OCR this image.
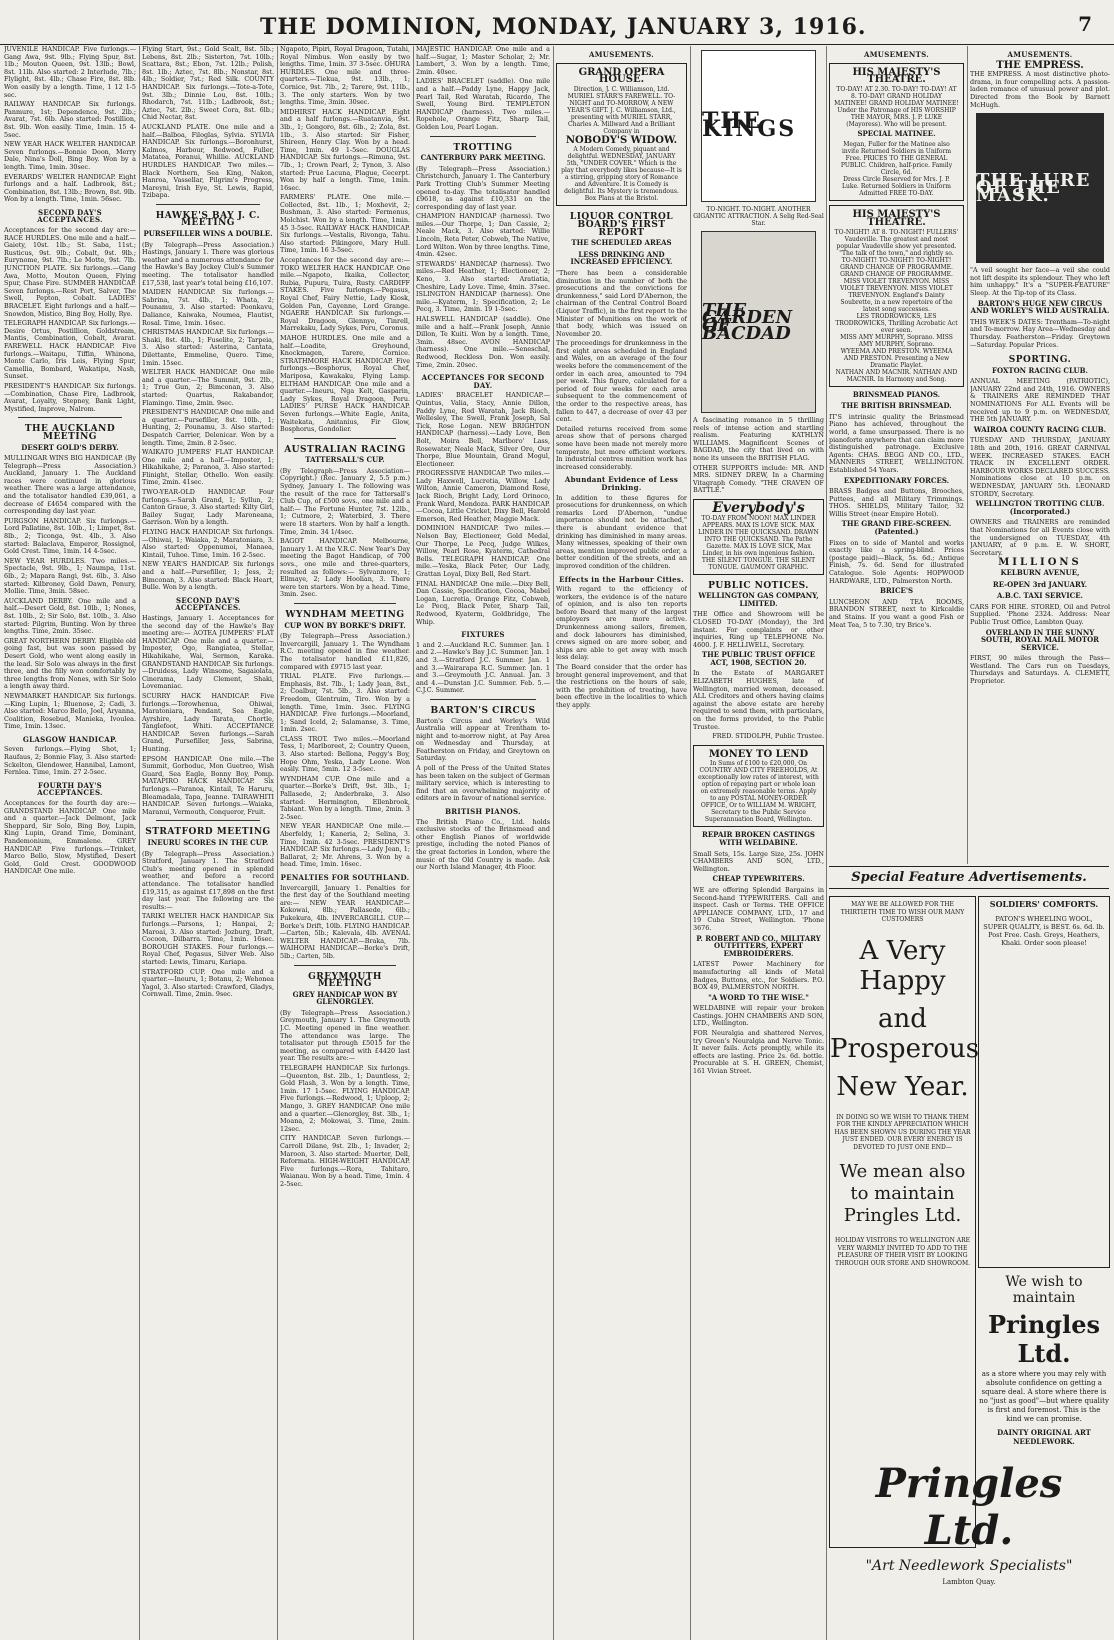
THE DOMINION, MONDAY, JANUARY 3, 1916.	7

JUVENILE HANDICAP. Five furlongs.—Gang Awa, 9st. 9lb.; Flying Spur, 8st. 1lb.; Mouton Queen, 9st. 13lb.; Bowl, 8st. 11lb. Also started: 2 Interlude, 7lb.; Flylight, 8st. 4lb.; Chase Fire, 8st. 8lb. Won easily by a length. Time, 1 12 1-5 sec.

RAILWAY HANDICAP. Six furlongs. Panmure, 1st; Dependence, 9st. 2lb.; Avarat, 7st. 6lb. Also started: Postillion, 8st. 9lb. Won easily. Time, 1min. 15 4-5sec.

NEW YEAR HACK WELTER HANDICAP. Seven furlongs.—Bonnie Doon, Merry Dale, Nina's Doll, Bing Boy. Won by a length. Time, 1min. 30sec.

EVERARDS' WELTER HANDICAP. Eight furlongs and a half. Ladbrook, 8st.; Combination, 8st. 13lb.; Brown, 8st. 9lb. Won by a length. Time, 1min. 56sec.

SECOND DAY'S ACCEPTANCES.

Acceptances for the second day are:— RACE HURDLES. One mile and a half.—Gaiety, 10st. 1lb.; St. Saba, 11st.; Rusticus, 9st. 9lb.; Cobalt, 9st. 9lb.; Eurynome, 9st. 7lb.; Le Motte, 9st. 7lb. JUNCTION PLATE. Six furlongs.—Gang Awa, Motto, Mouton Queen, Flying Spur, Chase Fire. SUMMER HANDICAP. Seven furlongs.—Rest Port, Salver, The Swell, Pepton, Cobalt. LADIES' BRACELET. Eight furlongs and a half.—Snowdon, Mistico, Bing Boy, Holly, Rye.

TELEGRAPH HANDICAP. Six furlongs.—Desire Ortus, Postillion, Goldstream, Mantis, Combination, Cobalt, Avarat. FAREWELL HACK HANDICAP. Five furlongs.—Waitapu, Tiffin, Whinona, Monte Carlo, Iris Leis, Flying Spur, Camellia, Bombard, Wakatipu, Nash, Sunset.

PRESIDENT'S HANDICAP. Six furlongs.—Combination, Chase Fire, Ladbrook, Avarat, Loyalty, Stepney, Bank Light, Mystified, Improve, Nalrom.

THE AUCKLAND MEETING
DESERT GOLD'S DERBY.

MULLINGAR WINS BIG HANDICAP. (By Telegraph—Press Association.) Auckland, January 1. The Auckland races were continued in glorious weather. There was a large attendance, and the totalisator handled £39,061, a decrease of £4654 compared with the corresponding day last year.

PURGSON HANDICAP. Six furlongs.—Lord Pallatine, 8st. 10lb., 1; Limpet, 8st. 8lb., 2; Ticonga, 9st. 4lb., 3. Also started: Balaclava, Emperor, Rossignol, Gold Crest. Time, 1min. 14 4-5sec.

NEW YEAR HURDLES. Two miles.—Spectacle, 9st. 9lb., 1; Naumpa, 11st. 6lb., 2; Mapara Rangi, 9st. 6lb., 3. Also started: Kilbroney, Gold Dawn, Penury, Mollie. Time, 3min. 58sec.

AUCKLAND DERBY. One mile and a half.—Desert Gold, 8st. 10lb., 1; Nones, 8st. 10lb., 2; Sir Solo, 8st. 10lb., 3. Also started: Pilgrim, Bunting. Won by three lengths. Time, 2min. 35sec.

GREAT NORTHERN DERBY. Eligible old going fast, but was soon passed by Desert Gold, who went along easily in the lead. Sir Solo was always in the first three, and the filly won comfortably by three lengths from Nones, with Sir Solo a length away third.

NEWMARKET HANDICAP. Six furlongs.—King Lupin, 1; Bluenose, 2; Cadi, 3. Also started: Marco Bello, Joel, Aryanna, Coalition, Rosebud, Manieka, Ivoulea. Time, 1min. 13sec.

GLASGOW HANDICAP.

Seven furlongs.—Flying Shot, 1; Raufaus, 2; Bonnie Flay, 3. Also started: Sckelton, Glendower, Hannibal, Lamont, Fernlea. Time, 1min. 27 2-5sec.

FOURTH DAY'S ACCEPTANCES.

Acceptances for the fourth day are:— GRANDSTAND HANDICAP. One mile and a quarter.—Jack Delmont, Jack Sheppard, Sir Solo, Bing Boy, Lupin, King Lupin, Grand Time, Dominant, Pandemonium, Emmalene. GREY HANDICAP. Five furlongs.—Trinket, Marco Bello, Slow, Mystified, Desert Gold, Gold Crest. GOODWOOD HANDICAP. One mile.

Flying Start, 9st.; Gold Scalt, 8st. 5lb.; Lebens, 8st. 2lb.; Sisterton, 7st. 10lb.; Scattara, 8st.; Ebon, 7st. 12lb.; Polish, 8st. 1lb.; Aztec, 7st. 8lb.; Nonstar, 8st. 4lb.; Soldier, 7st.; Red Silk. COUNTY HANDICAP. Six furlongs.—Tote-a-Tote, 9st. 3lb.; Dinnie Lou, 8st. 10lb.; Rhodarch, 7st. 11lb.; Ladbrook, 8st.; Aztec, 7st. 2lb.; Sweet Cora, 8st. 6lb.; Chid Nectar, 8st.

AUCKLAND PLATE. One mile and a half.—Balboa, Filoglas, Sylvia. SYLVIA HANDICAP. Six furlongs.—Boronhurst, Kalmos, Harbour, Redwood, Fuller, Matatea, Poranui, Whillie. AUCKLAND HURDLES HANDICAP. Two miles.—Black Northern, Sea King, Nakon, Hanroa, Vassellar, Pilgrim's Progress, Mareyni, Irish Eye, St. Lewis, Rapid, Tzibapa.

HAWKE'S BAY J. C. MEETING
PURSEFILLER WINS A DOUBLE.

(By Telegraph—Press Association.) Hastings, January 1. There was glorious weather and a numerous attendance for the Hawke's Bay Jockey Club's Summer meeting. The totalisator handled £17,538, last year's total being £16,107.

MAIDEN HANDICAP. Six furlongs.—Sabrina, 7st. 4lb., 1; Whata, 2; Pounamu, 3. Also started: Poonkavu, Daliance, Kaiwaka, Noumea, Flautist, Rosal. Time, 1min. 16sec.

CHRISTMAS HANDICAP. Six furlongs.—Shaki, 8st. 4lb., 1; Fuselite, 2; Tarpeia, 3. Also started: Asterina, Cantata, Dilettante, Emmeline, Quero. Time, 1min. 15sec.

WELTER HACK HANDICAP. One mile and a quarter.—The Summit, 9st. 2lb., 1; True Gun, 2; Bimconan, 3. Also started: Quartus, Rakabandor, Flamingo. Time, 2min. 9sec.

PRESIDENT'S HANDICAP. One mile and a quarter.—Pursefiller, 8st. 10lb., 1; Hunting, 2; Pounamu, 3. Also started: Despatch Carrier, Delenicar. Won by a length. Time, 2min. 8 2-5sec.

WAIKATO JUMPERS' FLAT HANDICAP. One mile and a half.—Imposter, 1; Hikahikahe, 2; Paranoa, 3. Also started: Flinight, Stellar, Othello. Won easily. Time, 2min. 41sec.

TWO-YEAR-OLD HANDICAP. Four furlongs.—Sarah Grand, 1; Syllun, 2; Canton Graue, 3. Also started: Kilty Girl, Bailey Sugar, Lady Maroneana, Garrison. Won by a length.

FLYING HACK HANDICAP. Six furlongs.—Ohiwai, 1; Waiaka, 2; Maratoniara, 3. Also started: Oppenumoi, Manaea, Kintail, Tuhoe. Time, 1min. 16 2-5sec.

NEW YEAR'S HANDICAP. Six furlongs and a half.—Pursefiller, 1; Jess, 2; Bimconan, 3. Also started: Black Heart, Bulle. Won by a length.

SECOND DAY'S ACCEPTANCES.

Hastings, January 1. Acceptances for the second day of the Hawke's Bay meeting are:— AOTEA JUMPERS' FLAT HANDICAP. One mile and a quarter.—Imposter, Ogo, Rangiatea, Stellar, Hikahikahe, Wai, Sermon, Karaka. GRANDSTAND HANDICAP. Six furlongs.—Druidess, Lady Winsome, Sagaiolata, Cinerama, Lady Clement, Shaki, Lovemaniac.

SCURRY HACK HANDICAP. Five furlongs.—Torowhenua, Ohiwai, Maratoniara, Pendant, Sea Eagle, Ayrshire, Lady Tarata, Chortle, Tanglefoot, Whiti. ACCEPTANCE HANDICAP. Seven furlongs.—Sarah Grand, Pursefiller, Jess, Sabrina, Hunting.

EPSOM HANDICAP. One mile.—The Summit, Gorboduc, Mon Guetreo, Wish Guard, Sea Eagle, Bonny Boy, Pomp. MATAPIRO HACK HANDICAP. Six furlongs.—Paranoa, Kintail, Te Haruru, Bleamadala, Tapa, Jeanne. TAIRAWHITI HANDICAP. Seven furlongs.—Waiaka, Maranui, Vermouth, Conqueror, Fruit.

STRATFORD MEETING
INEURU SCORES IN THE CUP.

(By Telegraph—Press Association.) Stratford, January 1. The Stratford Club's meeting opened in splendid weather, and before a record attendance. The totalisator handled £19,315, as against £17,898 on the first day last year. The following are the results:—

TARIKI WELTER HACK HANDICAP. Six furlongs.—Parsons, 1; Hanpai, 2; Maroai, 3. Also started: Jozburg, Draft, Cocoon, Dilbarra. Time, 1min. 16sec. BOROUGH STAKES. Four furlongs.—Royal Chef, Pegasus, Silver Web. Also started: Lewis, Timaru, Kariapa.

STRATFORD CUP. One mile and a quarter.—Ineuru, 1; Botanu, 2; Wehonea Yagol, 3. Also started: Crawford, Gladys, Cornwall. Time, 2min. 9sec.

Ngapoto, Pipiri, Royal Dragoon, Tutahi, Royal Nimbus. Won easily by two lengths. Time, 1min. 37 3-5sec. OHURA HURDLES. One mile and three-quarters.—Tiekua, 9st. 13lb., 1; Cornice, 9st. 7lb., 2; Tarere, 9st. 11lb., 3. The only starters. Won by two lengths. Time, 3min. 30sec.

MIDHIRST HACK HANDICAP. Eight and a half furlongs.—Ruatanvia, 9st. 3lb., 1; Gongoro, 8st. 6lb., 2; Zola, 8st. 1lb., 3. Also started: Sir Fisher, Shireen, Henry Clay. Won by a head. Time, 1min. 49 1-5sec. DOUGLAS HANDICAP. Six furlongs.—Rimuna, 9st. 7lb., 1; Crown Pearl, 2; Tynon, 3. Also started: Prue Lacuna, Plague, Cecerpt. Won by half a length. Time, 1min. 16sec.

FARMERS' PLATE. One mile.—Collected, 8st. 1lb., 1; Moxhevit, 2; Bushman, 3. Also started: Fermenus, Molchist. Won by a length. Time, 1min. 45 3-5sec. RAILWAY HACK HANDICAP. Six furlongs.—Vestalis, Rivonga, Tahu. Also started: Pikingore, Mary Hull. Time, 1min. 16 3-5sec.

Acceptances for the second day are:— TOKO WELTER HACK HANDICAP. One mile.—Ngapoto, Ikaika, Collector, Rubia, Pupuru, Tuira, Rusty. CARDIFF STAKES. Five furlongs.—Pegasus, Royal Chef, Fairy Nettie, Lady Kiosk, Golden Pan, Cayenne, Lord Grange. NGAERE HANDICAP. Six furlongs.—Royal Dragoon, Glennye, Tinrell, Marrekaku, Lady Sykes, Peru, Coronus.

MAHOE HURDLES. One mile and a half.—Loadite, Greyhound, Knockmagen, Tarere, Cornice. STRATHMORE HACK HANDICAP. Five furlongs.—Bosphorus, Royal Chef, Mariposa, Kawakaku, Flying Lamp. ELTHAM HANDICAP. One mile and a quarter.—Ineuru, Nga Kelt, Gasparin, Lady Sykes, Royal Dragoon, Peru. LADIES' PURSE HACK HANDICAP. Seven furlongs.—White Eagle, Anita, Waitekata, Anitanius, Fir Glow, Bosphorus, Gondolier.

AUSTRALIAN RACING
TATTERSALL'S CUP.

(By Telegraph—Press Association—Copyright.) (Rec. January 2, 5.5 p.m.) Sydney, January 1. The following was the result of the race for Tattersall's Club Cup, of £500 sovs., one mile and a half:— The Fortune Hunter, 7st. 12lb., 1; Cutmore, 2; Waterbird, 3. There were 18 starters. Won by half a length. Time, 2min. 34 1/4sec.

BAGOT HANDICAP. Melbourne, January 1. At the V.R.C. New Year's Day meeting the Bagot Handicap, of 700 sovs., one mile and three-quarters, resulted as follows:— Sylvanmore, 1; Ellmaye, 2; Lady Hoolian, 3. There were ten starters. Won by a head. Time, 3min. 2sec.

WYNDHAM MEETING
CUP WON BY BORKE'S DRIFT.

(By Telegraph—Press Association.) Invercargill, January 1. The Wyndham R.C. meeting opened in fine weather. The totalisator handled £11,826, compared with £9715 last year.

TRIAL PLATE. Five furlongs.—Emphasis, 8st. 7lb., 1; Lady Jean, 8st., 2; Coalbur, 7st. 5lb., 3. Also started: Freedom, Glentruim, Tiro. Won by a length. Time, 1min. 3sec. FLYING HANDICAP. Five furlongs.—Moorland, 1; Sand Iceld, 2; Salamanse, 3. Time, 1min. 2sec.

CLASS TROT. Two miles.—Moorland Tess, 1; Marlboreet, 2; Country Queen, 3. Also started: Bellona, Peggy's Boy, Hope Ohm, Yeska, Lady Leone. Won easily. Time, 5min. 12 3-5sec.

WYNDHAM CUP. One mile and a quarter.—Borke's Drift, 9st. 3lb., 1; Pallasede, 2; Anderbrake, 3. Also started: Hermington, Ellenbrook, Tabiant. Won by a length. Time, 2min. 3 2-5sec.

NEW YEAR HANDICAP. One mile.—Aberfeldy, 1; Kaneria, 2; Selina, 3. Time, 1min. 42 3-5sec. PRESIDENT'S HANDICAP. Six furlongs.—Lady Jean, 1; Ballarat, 2; Mr. Ahrens, 3. Won by a head. Time, 1min. 16sec.

PENALTIES FOR SOUTHLAND.

Invercargill, January 1. Penalties for the first day of the Southland meeting are:— NEW YEAR HANDICAP.—Kokowai, 8lb.; Pallasede, 6lb.; Pukekura, 4lb. INVERCARGILL CUP.—Borke's Drift, 10lb. FLYING HANDICAP.—Carten, 5lb.; Kalevala, 4lb. AVENAL WELTER HANDICAP.—Braka, 7lb. WAIHOPAI HANDICAP.—Borke's Drift, 5lb.; Carten, 5lb.

GREYMOUTH MEETING
GREY HANDICAP WON BY GLENORGLEY.

(By Telegraph—Press Association.) Greymouth, January 1. The Greymouth J.C. Meeting opened in fine weather. The attendance was large. The totalisator put through £5015 for the meeting, as compared with £4420 last year. The results are:—

TELEGRAPH HANDICAP. Six furlongs.—Queenton, 8st. 2lb., 1; Dauntless, 2; Gold Flash, 3. Won by a length. Time, 1min. 17 1-5sec. FLYING HANDICAP. Five furlongs.—Redwood, 1; Uploop, 2; Mango, 3. GREY HANDICAP. One mile and a quarter.—Glenorgley, 8st. 3lb., 1; Moana, 2; Mokowai, 3. Time, 2min. 12sec.

CITY HANDICAP. Seven furlongs.—Carroll Dilane, 9st. 2lb., 1; Invader, 2; Maroon, 3. Also started: Muerter, Dell, Reformata. HIGH-WEIGHT HANDICAP. Five furlongs.—Rora, Tahitaro, Waianau. Won by a head. Time, 1min. 4 2-5sec.

MAJESTIC HANDICAP. One mile and a half.—Sugar, 1; Master Scholar, 2; Mr. Lambert, 3. Won by a length. Time, 2min. 40sec.

LADIES' BRACELET (saddle). One mile and a half.—Paddy Lyne, Happy Jack, Pearl Tail, Red Waratah, Ricardo, The Swell, Young Bird. TEMPLETON HANDICAP (harness). Two miles.—Ropehole, Orange Fitz, Sharp Tail, Golden Lou, Pearl Logan.

TROTTING
CANTERBURY PARK MEETING.

(By Telegraph—Press Association.) Christchurch, January 1. The Canterbury Park Trotting Club's Summer Meeting opened to-day. The totalisator handled £9618, as against £10,331 on the corresponding day of last year.

CHAMPION HANDICAP (harness). Two miles.—Our Thorpe, 1; Dan Cassie, 2; Neale Mack, 3. Also started: Willie Lincoln, Reta Peter, Cobweb, The Native, Lord Wilton. Won by three lengths. Time, 4min. 42sec.

STEWARDS' HANDICAP (harness). Two miles.—Red Heather, 1; Electioneer, 2; Keno, 3. Also started: Aratiatia, Cheshire, Lady Love. Time, 4min. 37sec. ISLINGTON HANDICAP (harness). One mile.—Kyaterm, 1; Specification, 2; Le Pecq, 3. Time, 2min. 19 1-5sec.

HALSWELL HANDICAP (saddle). One mile and a half.—Frank Joseph, Annie Dillon, Te Kuiti. Won by a length. Time, 3min. 48sec. AVON HANDICAP (harness). One mile.—Seneschal, Redwood, Reckless Don. Won easily. Time, 2min. 20sec.

ACCEPTANCES FOR SECOND DAY.

LADIES' BRACELET HANDICAP.—Quintus, Valia, Stacy, Annie Dillon, Paddy Lyne, Red Waratah, Jack Rioch, Wellesley, The Swell, Frank Joseph, Sal Tick, Rose Logan. NEW BRIGHTON HANDICAP (harness).—Lady Love, Ben Bolt, Moira Bell, Marlboro' Lass, Rosewater, Neale Mack, Silver Ore, Our Thorpe, Blue Mountain, Grand Mogul, Electioneer.

PROGRESSIVE HANDICAP. Two miles.—Lady Haxwell, Lucretia, Willow, Lady Wilton, Annie Cameron, Diamond Rose, Jack Rioch, Bright Lady, Lord Orinoco, Frank Ward, Mendoza. PARK HANDICAP.—Cocoa, Little Cricket, Dixy Bell, Harold Emerson, Red Heather, Maggie Mack.

DOMINION HANDICAP. Two miles.—Nelson Bay, Electioneer, Gold Medal, Our Thorpe, Le Pecq, Judge Wilkes, Willow, Pearl Rose, Kyaterm, Cathedral Bells. TELEGRAPH HANDICAP. One mile.—Yeska, Black Peter, Our Lady, Grattan Loyal, Dixy Bell, Red Start.

FINAL HANDICAP. One mile.—Dixy Bell, Dan Cassie, Specification, Cocoa, Mabel Logan, Lucretia, Orange Fitz, Cobweb, Le Pecq, Black Peter, Sharp Tail, Redwood, Kyaterm, Goldbridge, The Whip.

FIXTURES

1 and 2.—Auckland R.C. Summer. Jan. 1 and 2.—Hawke's Bay J.C. Summer. Jan. 1 and 3.—Stratford J.C. Summer. Jan. 1 and 3.—Wairarapa R.C. Summer. Jan. 1 and 3.—Greymouth J.C. Annual. Jan. 3 and 4.—Dunstan J.C. Summer. Feb. 5.—C.J.C. Summer.

BARTON'S CIRCUS

Barton's Circus and Worley's Wild Australia will appear at Trentham to-night and to-morrow night, at Pay Area on Wednesday and Thursday, at Featherston on Friday, and Greytown on Saturday.

A poll of the Press of the United States has been taken on the subject of German military service, which is interesting to find that an overwhelming majority of editors are in favour of national service.

BRITISH PIANOS.

The British Piano Co., Ltd. holds exclusive stocks of the Brinsmead and other English Pianos of worldwide prestige, including the noted Pianos of the great factories in London, where the music of the Old Country is made. Ask our North Island Manager, 4th Floor.

AMUSEMENTS.
GRAND OPERA HOUSE.
Direction, J. C. Williamson, Ltd. MURIEL STARR'S FAREWELL. TO-NIGHT and TO-MORROW, A NEW YEAR'S GIFT. J. C. Williamson, Ltd., presenting with MURIEL STARR, Charles A. Millward And a Brilliant Company in
NOBODY'S WIDOW.
A Modern Comedy, piquant and delightful. WEDNESDAY, JANUARY 5th, "UNDER COVER." Which is the play that everybody likes because—It is a stirring, gripping story of Romance and Adventure. It is Comedy is delightful. Its Mystery is tremendous. Box Plans at the Bristol.
LIQUOR CONTROL BOARD'S FIRST REPORT
THE SCHEDULED AREAS
LESS DRINKING AND INCREASED EFFICIENCY.

"There has been a considerable diminution in the number of both the prosecutions and the convictions for drunkenness," said Lord D'Abernon, the chairman of the Central Control Board (Liquor Traffic), in the first report to the Minister of Munitions on the work of that body, which was issued on November 20.

The proceedings for drunkenness in the first eight areas scheduled in England and Wales, on an average of the four weeks before the commencement of the order in each area, amounted to 794 per week. This figure, calculated for a period of four weeks for each area subsequent to the commencement of the order to the respective areas, has fallen to 447, a decrease of over 43 per cent.

Detailed returns received from some areas show that of persons charged some have been made not merely more temperate, but more efficient workers. In industrial centres munition work has increased considerably.

Abundant Evidence of Less Drinking.

In addition to these figures for prosecutions for drunkenness, on which remarks Lord D'Abernon, "undue importance should not be attached," there is abundant evidence that drinking has diminished in many areas. Many witnesses, speaking of their own areas, mention improved public order, a better condition of the streets, and an improved condition of the children.

Effects in the Harbour Cities.

With regard to the efficiency of workers, the evidence is of the nature of opinion, and is also ten reports before Board that many of the largest employers are more active. Drunkenness among sailors, firemen, and dock labourers has diminished, crews signed on are more sober, and ships are able to get away with much less delay.

The Board consider that the order has brought general improvement, and that the restrictions on the hours of sale, with the prohibition of treating, have been effective in the localities to which they apply.

THE KINGS
TO-NIGHT. TO-NIGHT. ANOTHER GIGANTIC ATTRACTION. A Selig Red-Seal Star.
THE GARDEN OF BACDAD

A fascinating romance in 5 thrilling reels of intense action and startling realism. Featuring KATHLYN WILLIAMS. Magnificent Scenes of BAGDAD, the city that lived on with none its unseen the BRITISH FLAG.

OTHER SUPPORTS include: MR. AND MRS. SIDNEY DREW, In a Charming Vitagraph Comedy. "THE CRAVEN OF BATTLE."

Everybody's
TO-DAY FROM NOON! MAX LINDER APPEARS. MAX IS LOVE SICK. MAX LINDER IN THE QUICKSAND. DRAWN INTO THE QUICKSAND. The Pathe Gazette. MAX IS LOVE SICK, Max Linder, in his own ingenious fashion.
THE SILENT TONGUE. THE SILENT TONGUE. GAUMONT GRAPHIC.
PUBLIC NOTICES.
WELLINGTON GAS COMPANY, LIMITED.

THE Office and Showroom will be CLOSED TO-DAY (Monday), the 3rd instant. For complaints or other inquiries, Ring up TELEPHONE No. 4600. J. F. HELLIWELL, Secretary.

THE PUBLIC TRUST OFFICE ACT, 1908, SECTION 20.

In the Estate of MARGARET ELIZABETH HUGHES, late of Wellington, married woman, deceased. ALL Creditors and others having claims against the above estate are hereby required to send them, with particulars, on the forms provided, to the Public Trustee.

FRED. STIDOLPH, Public Trustee.

MONEY TO LEND
In Sums of £100 to £20,000, On COUNTRY AND CITY FREEHOLDS, At exceptionally low rates of interest, with option of repaying part or whole loan on extremely reasonable terms. Apply to any POSTAL MONEY-ORDER OFFICE, Or to WILLIAM M. WRIGHT, Secretary to the Public Service Superannuation Board, Wellington.
REPAIR BROKEN CASTINGS WITH WELDABINE.

Small Sets, 15s. Large Size, 25s. JOHN CHAMBERS AND SON, LTD., Wellington.

CHEAP TYPEWRITERS.

WE are offering Splendid Bargains in Second-hand TYPEWRITERS. Call and inspect. Cash or Terms. THE OFFICE APPLIANCE COMPANY, LTD., 17 and 19 Cuba Street, Wellington. 'Phone 3676.

P. ROBERT AND CO., MILITARY OUTFITTERS, EXPERT EMBROIDERERS.

LATEST Power Machinery for manufacturing all kinds of Metal Badges, Buttons, etc., for Soldiers. P.O. BOX 49, PALMERSTON NORTH.

"A WORD TO THE WISE."

WELDABINE will repair your broken Castings. JOHN CHAMBERS AND SON, LTD., Wellington.

FOR Neuralgia and shattered Nerves, try Green's Neuralgia and Nerve Tonic. It never fails. Acts promptly, while its effects are lasting. Price 2s. 6d. bottle. Procurable at S. H. GREEN, Chemist, 161 Vivian Street.

AMUSEMENTS.
HIS MAJESTY'S THEATRE.
TO-DAY! AT 2.30. TO-DAY! TO-DAY! AT 8. TO-DAY! GRAND HOLIDAY MATINEE! GRAND HOLIDAY MATINEE! Under the Patronage of HIS WORSHIP THE MAYOR, MRS. J. P. LUKE (Mayoress). Who will be present.
SPECIAL MATINEE.
Megan, Fuller for the Matinee also invite Returned Soldiers in Uniform Free. PRICES TO THE GENERAL PUBLIC. Children, half-price. Family Circle, 6d.
Dress Circle Reserved for Mrs. J. P. Luke. Returned Soldiers in Uniform Admitted FREE TO-DAY.
HIS MAJESTY'S THEATRE.
TO-NIGHT! AT 8. TO-NIGHT! FULLERS' Vaudeville. The greatest and most popular Vaudeville show yet presented. "The talk of the town," and rightly so.
TO-NIGHT! TO-NIGHT! TO-NIGHT! GRAND CHANGE OF PROGRAMME. GRAND CHANGE OF PROGRAMME.
MISS VIOLET TREVENYON. MISS VIOLET TREVENYON. MISS VIOLET TREVENYON. England's Dainty Soubrette, in a new repertoire of the latest song successes.
LES TRODROWICKS, LES TRODROWICKS, Thrilling Acrobatic Act ever seen.
MISS AMY MURPHY, Soprano. MISS AMY MURPHY, Soprano.
WYEEMA AND PRESTON. WYEEMA AND PRESTON. Presenting a New Dramatic Playlet.
NATHAN AND MACNIR. NATHAN AND MACNIR. In Harmony and Song.
BRINSMEAD PIANOS.
THE BRITISH BRINSMEAD.

IT'S intrinsic quality the Brinsmead Piano has achieved, throughout the world, a fame unsurpassed. There is no pianoforte anywhere that can claim more distinguished patronage. Exclusive Agents: CHAS. BEGG AND CO., LTD., MANNERS STREET, WELLINGTON. Established 54 Years.

EXPEDITIONARY FORCES.

BRASS Badges and Buttons, Brooches, Puttees, and all Military Trimmings. THOS. SHIELDS, Military Tailor, 32 Willis Street (near Empire Hotel).

THE GRAND FIRE-SCREEN. (Patented.)

Fixes on to side of Mantel and works exactly like a spring-blind. Prices (postage paid)—Black, 5s. 6d.; Antique Finish, 7s. 6d. Send for illustrated Catalogue. Sole Agents: HOPWOOD HARDWARE, LTD., Palmerston North.

BRICE'S

LUNCHEON AND TEA ROOMS, BRANDON STREET, next to Kirkcaldie and Stains. If you want a good Fish or Meat Tea, 5 to 7.30, try Brice's.

AMUSEMENTS.
THE EMPRESS.

THE EMPRESS. A most distinctive photo-drama, in four compelling acts. A passion-laden romance of unusual power and plot. Directed from the Book by Barnett McHugh.

THE LURE OF THE MASK.

"A veil sought her face—a veil she could not lift despite its splendour. They who left him unhappy." It's a "SUPER-FEATURE" Sleep. At the Tip-top of its Class.

BARTON'S HUGE NEW CIRCUS AND WORLEY'S WILD AUSTRALIA.

THIS WEEK'S DATES: Trentham—To-night and To-morrow. Hay Area—Wednesday and Thursday. Featherston—Friday. Greytown—Saturday. Popular Prices.

SPORTING.
FOXTON RACING CLUB.

ANNUAL MEETING (PATRIOTIC), JANUARY 22nd and 24th, 1916. OWNERS & TRAINERS ARE REMINDED THAT NOMINATIONS For ALL Events will be received up to 9 p.m. on WEDNESDAY, THE 5th JANUARY.

WAIROA COUNTY RACING CLUB.

TUESDAY AND THURSDAY, JANUARY 18th and 20th, 1916. GREAT CARNIVAL WEEK. INCREASED STAKES. EACH TRACK IN EXCELLENT ORDER. HARBOUR WORKS DECLARED SUCCESS. Nominations close at 10 p.m. on WEDNESDAY, JANUARY 5th. LEONARD STORDY, Secretary.

WELLINGTON TROTTING CLUB. (Incorporated.)

OWNERS and TRAINERS are reminded that Nominations for all Events close with the undersigned on TUESDAY, 4th JANUARY, at 9 p.m. E. W. SHORT, Secretary.

MILLIONS
KELBURN AVENUE,
RE-OPEN 3rd JANUARY.
A.B.C. TAXI SERVICE.

CARS FOR HIRE. STORED, Oil and Petrol Supplied. 'Phone 2324. Address: Near Public Trust Office, Lambton Quay.

OVERLAND IN THE SUNNY SOUTH, ROYAL MAIL MOTOR SERVICE.

FIRST, 90 miles through the Pass—Westland. The Cars run on Tuesdays, Thursdays and Saturdays. A. CLEMETT, Proprietor.

Special Feature Advertisements.
MAY WE BE ALLOWED FOR THE THIRTIETH TIME TO WISH OUR MANY CUSTOMERS
A Very Happy
and Prosperous
New Year.
IN DOING SO WE WISH TO THANK THEM FOR THE KINDLY APPRECIATION WHICH HAS BEEN SHOWN US DURING THE YEAR JUST ENDED. OUR EVERY ENERGY IS DEVOTED TO JUST ONE END—
We mean also to maintain Pringles Ltd.
HOLIDAY VISITORS TO WELLINGTON ARE VERY WARMLY INVITED TO ADD TO THE PLEASURE OF THEIR VISIT BY LOOKING THROUGH OUR STORE AND SHOWROOM.
SOLDIERS' COMFORTS.
PATON'S WHEELING WOOL, SUPER QUALITY, is BEST. 6s. 6d. lb. Post Free. Cash. Greys, Heathers, Khaki. Order soon please!
We wish to maintain
Pringles Ltd.
as a store where you may rely with absolute confidence on getting a square deal. A store where there is no "just as good"—but where quality is first and foremost. This is the kind we can promise.
DAINTY ORIGINAL ART NEEDLEWORK.
Pringles Ltd.
"Art Needlework Specialists"
Lambton Quay.
